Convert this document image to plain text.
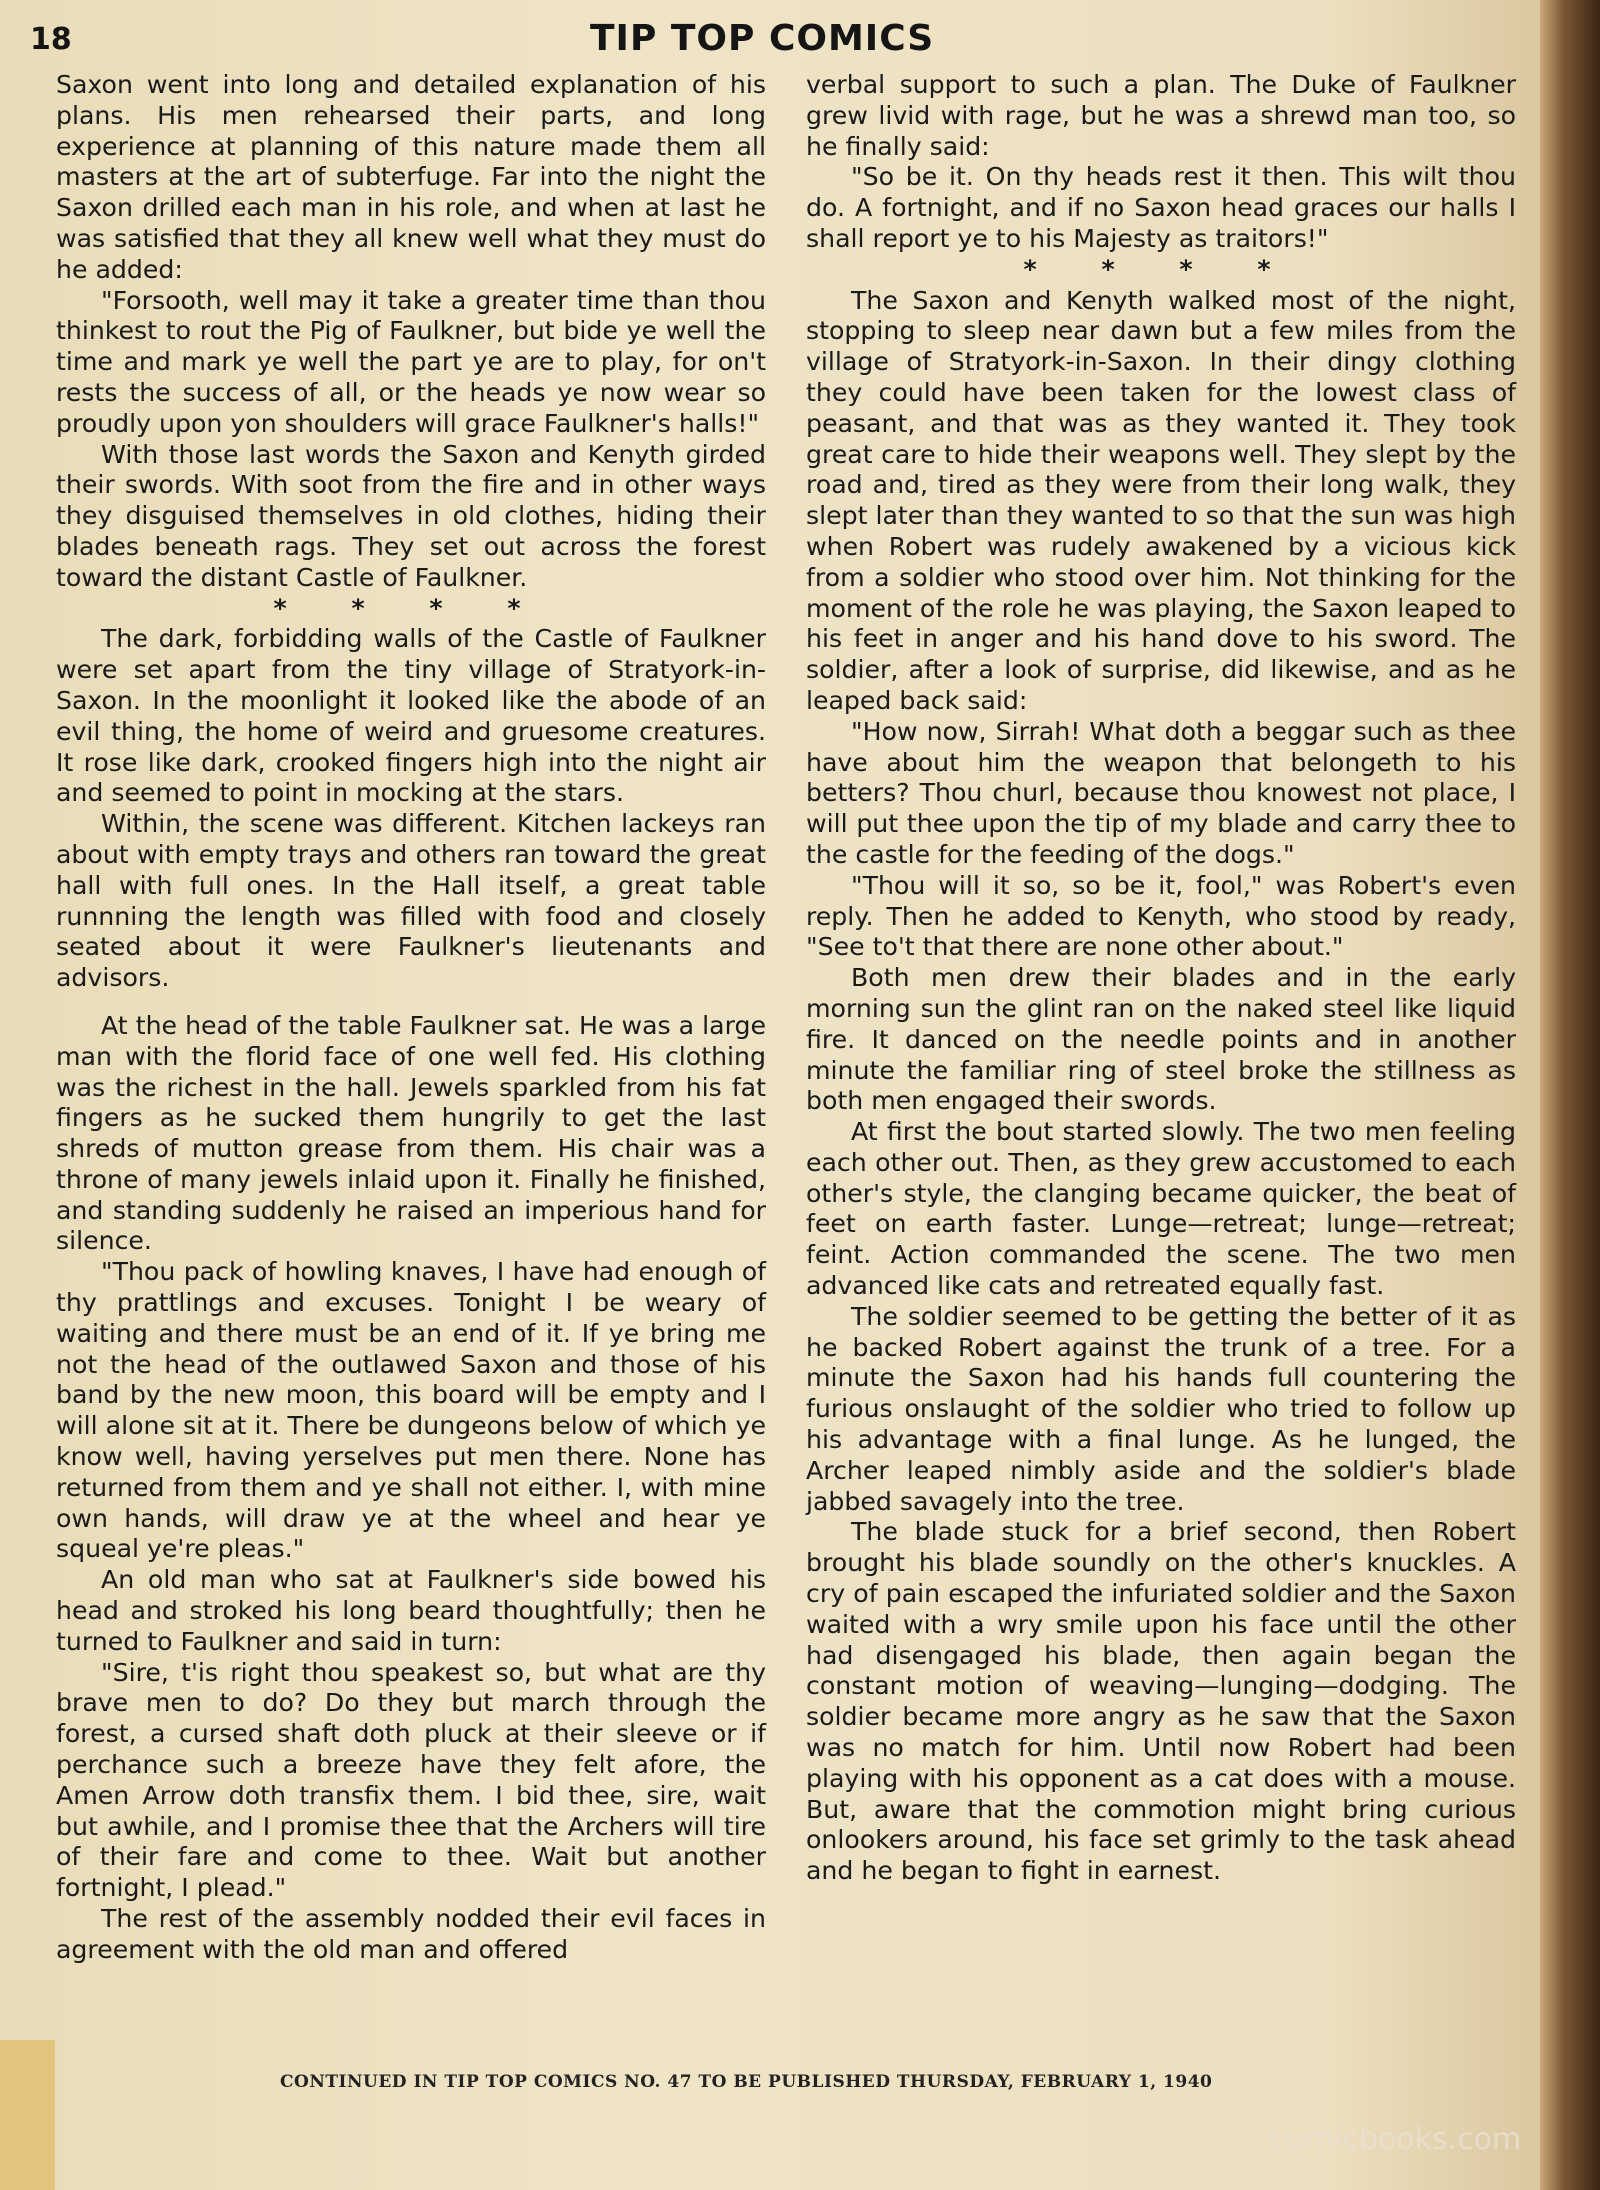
18	TIP TOP COMICS

Saxon went into long and detailed explanation of his plans. His men rehearsed their parts, and long experience at planning of this nature made them all masters at the art of subterfuge. Far into the night the Saxon drilled each man in his role, and when at last he was satisfied that they all knew well what they must do he added:

"Forsooth, well may it take a greater time than thou thinkest to rout the Pig of Faulkner, but bide ye well the time and mark ye well the part ye are to play, for on't rests the success of all, or the heads ye now wear so proudly upon yon shoulders will grace Faulkner's halls!"

With those last words the Saxon and Kenyth girded their swords. With soot from the fire and in other ways they disguised themselves in old clothes, hiding their blades beneath rags. They set out across the forest toward the distant Castle of Faulkner.

* * * *

The dark, forbidding walls of the Castle of Faulkner were set apart from the tiny village of Stratyork-in-Saxon. In the moonlight it looked like the abode of an evil thing, the home of weird and gruesome creatures. It rose like dark, crooked fingers high into the night air and seemed to point in mocking at the stars.

Within, the scene was different. Kitchen lackeys ran about with empty trays and others ran toward the great hall with full ones. In the Hall itself, a great table runnning the length was filled with food and closely seated about it were Faulkner's lieutenants and advisors.

At the head of the table Faulkner sat. He was a large man with the florid face of one well fed. His clothing was the richest in the hall. Jewels sparkled from his fat fingers as he sucked them hungrily to get the last shreds of mutton grease from them. His chair was a throne of many jewels inlaid upon it. Finally he finished, and standing suddenly he raised an imperious hand for silence.

"Thou pack of howling knaves, I have had enough of thy prattlings and excuses. Tonight I be weary of waiting and there must be an end of it. If ye bring me not the head of the outlawed Saxon and those of his band by the new moon, this board will be empty and I will alone sit at it. There be dungeons below of which ye know well, having yerselves put men there. None has returned from them and ye shall not either. I, with mine own hands, will draw ye at the wheel and hear ye squeal ye're pleas."

An old man who sat at Faulkner's side bowed his head and stroked his long beard thoughtfully; then he turned to Faulkner and said in turn:

"Sire, t'is right thou speakest so, but what are thy brave men to do? Do they but march through the forest, a cursed shaft doth pluck at their sleeve or if perchance such a breeze have they felt afore, the Amen Arrow doth transfix them. I bid thee, sire, wait but awhile, and I promise thee that the Archers will tire of their fare and come to thee. Wait but another fortnight, I plead."

The rest of the assembly nodded their evil faces in agreement with the old man and offered

verbal support to such a plan. The Duke of Faulkner grew livid with rage, but he was a shrewd man too, so he finally said:

"So be it. On thy heads rest it then. This wilt thou do. A fortnight, and if no Saxon head graces our halls I shall report ye to his Majesty as traitors!"

* * * *

The Saxon and Kenyth walked most of the night, stopping to sleep near dawn but a few miles from the village of Stratyork-in-Saxon. In their dingy clothing they could have been taken for the lowest class of peasant, and that was as they wanted it. They took great care to hide their weapons well. They slept by the road and, tired as they were from their long walk, they slept later than they wanted to so that the sun was high when Robert was rudely awakened by a vicious kick from a soldier who stood over him. Not thinking for the moment of the role he was playing, the Saxon leaped to his feet in anger and his hand dove to his sword. The soldier, after a look of surprise, did likewise, and as he leaped back said:

"How now, Sirrah! What doth a beggar such as thee have about him the weapon that belongeth to his betters? Thou churl, because thou knowest not place, I will put thee upon the tip of my blade and carry thee to the castle for the feeding of the dogs."

"Thou will it so, so be it, fool," was Robert's even reply. Then he added to Kenyth, who stood by ready, "See to't that there are none other about."

Both men drew their blades and in the early morning sun the glint ran on the naked steel like liquid fire. It danced on the needle points and in another minute the familiar ring of steel broke the stillness as both men engaged their swords.

At first the bout started slowly. The two men feeling each other out. Then, as they grew accustomed to each other's style, the clanging became quicker, the beat of feet on earth faster. Lunge—retreat; lunge—retreat; feint. Action commanded the scene. The two men advanced like cats and retreated equally fast.

The soldier seemed to be getting the better of it as he backed Robert against the trunk of a tree. For a minute the Saxon had his hands full countering the furious onslaught of the soldier who tried to follow up his advantage with a final lunge. As he lunged, the Archer leaped nimbly aside and the soldier's blade jabbed savagely into the tree.

The blade stuck for a brief second, then Robert brought his blade soundly on the other's knuckles. A cry of pain escaped the infuriated soldier and the Saxon waited with a wry smile upon his face until the other had disengaged his blade, then again began the constant motion of weaving—lunging—dodging. The soldier became more angry as he saw that the Saxon was no match for him. Until now Robert had been playing with his opponent as a cat does with a mouse. But, aware that the commotion might bring curious onlookers around, his face set grimly to the task ahead and he began to fight in earnest.

CONTINUED IN TIP TOP COMICS NO. 47 TO BE PUBLISHED THURSDAY, FEBRUARY 1, 1940
comicbooks.com
